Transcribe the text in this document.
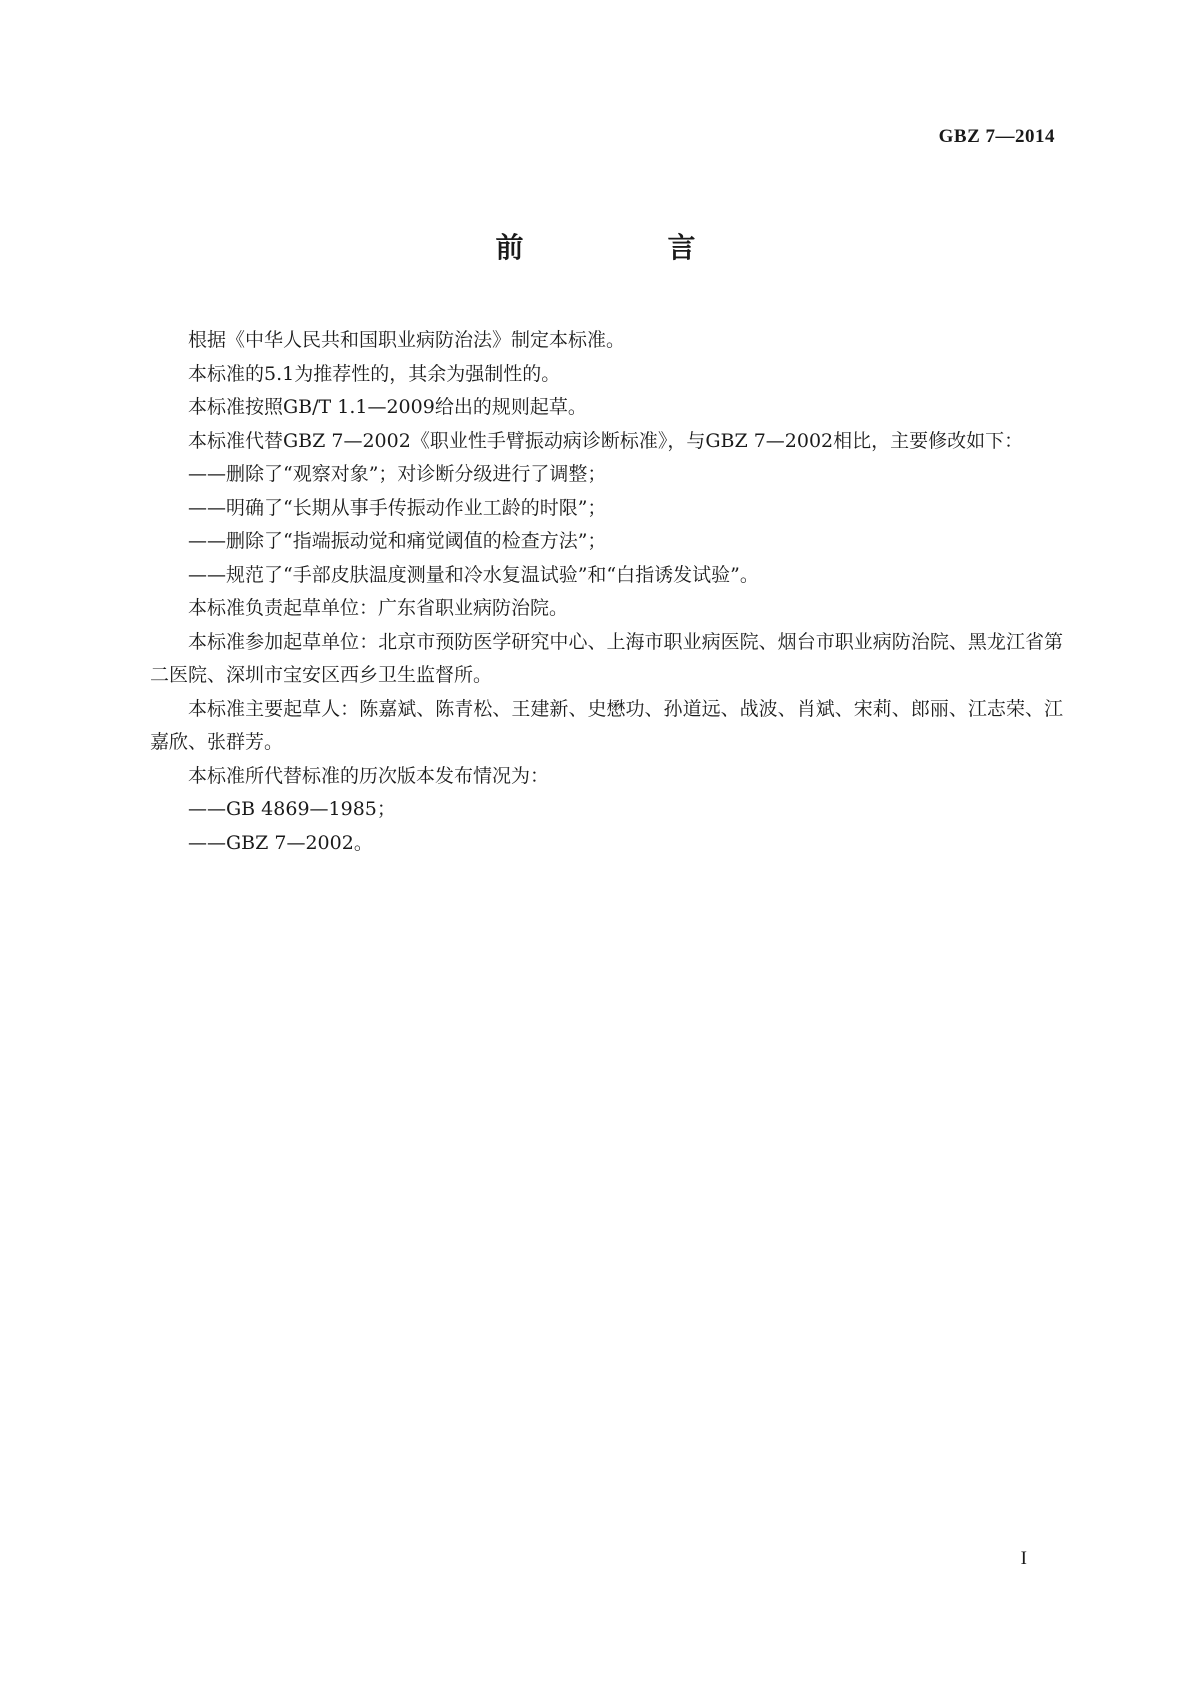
GBZ 7—2014
前　言

根据《中华人民共和国职业病防治法》制定本标准。

本标准的5.1为推荐性的，其余为强制性的。

本标准按照GB/T 1.1—2009给出的规则起草。

本标准代替GBZ 7—2002《职业性手臂振动病诊断标准》，与GBZ 7—2002相比，主要修改如下：

——删除了“观察对象”；对诊断分级进行了调整；

——明确了“长期从事手传振动作业工龄的时限”；

——删除了“指端振动觉和痛觉阈值的检查方法”；

——规范了“手部皮肤温度测量和冷水复温试验”和“白指诱发试验”。

本标准负责起草单位：广东省职业病防治院。

本标准参加起草单位：北京市预防医学研究中心、上海市职业病医院、烟台市职业病防治院、黑龙江省第二医院、深圳市宝安区西乡卫生监督所。

本标准主要起草人：陈嘉斌、陈青松、王建新、史懋功、孙道远、战波、肖斌、宋莉、郎丽、江志荣、江嘉欣、张群芳。

本标准所代替标准的历次版本发布情况为：

——GB 4869—1985；

——GBZ 7—2002。

I
